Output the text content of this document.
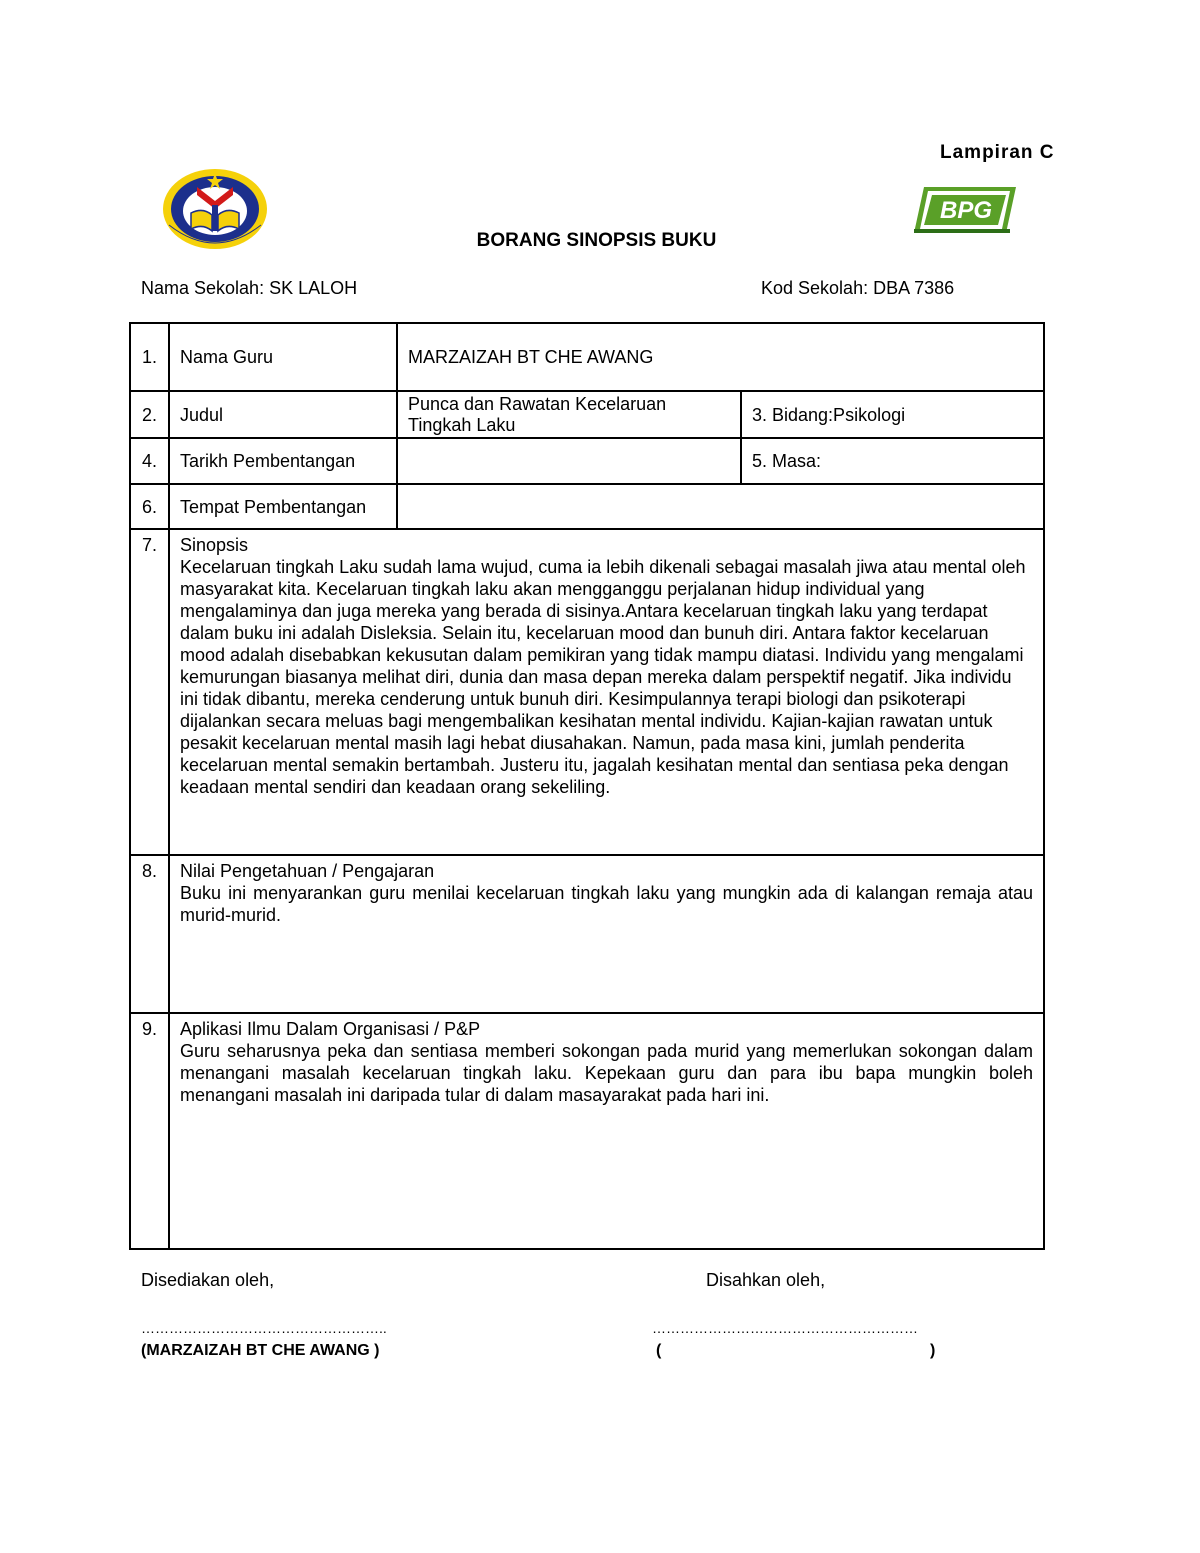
Lampiran C
BPG
BORANG SINOPSIS BUKU
Nama Sekolah: SK LALOH	Kod Sekolah: DBA 7386
1.	Nama Guru	MARZAIZAH BT CHE AWANG	
2.	Judul	Punca dan Rawatan Kecelaruan Tingkah Laku	3. Bidang:Psikologi
4.	Tarikh Pembentangan		5. Masa:
6.	Tempat Pembentangan		
7.	Sinopsis
Kecelaruan tingkah Laku sudah lama wujud, cuma ia lebih dikenali sebagai masalah jiwa atau mental oleh masyarakat kita. Kecelaruan tingkah laku akan mengganggu perjalanan hidup individual yang mengalaminya dan juga mereka yang berada di sisinya.Antara kecelaruan tingkah laku yang terdapat dalam buku ini adalah Disleksia. Selain itu, kecelaruan mood dan bunuh diri. Antara faktor kecelaruan mood adalah disebabkan kekusutan dalam pemikiran yang tidak mampu diatasi. Individu yang mengalami kemurungan biasanya melihat diri, dunia dan masa depan mereka dalam perspektif negatif. Jika individu ini tidak dibantu, mereka cenderung untuk bunuh diri. Kesimpulannya terapi biologi dan psikoterapi dijalankan secara meluas bagi mengembalikan kesihatan mental individu. Kajian-kajian rawatan untuk pesakit kecelaruan mental masih lagi hebat diusahakan. Namun, pada masa kini, jumlah penderita kecelaruan mental semakin bertambah. Justeru itu, jagalah kesihatan mental dan sentiasa peka dengan keadaan mental sendiri dan keadaan orang sekeliling.		

8.	Nilai Pengetahuan / Pengajaran
Buku ini menyarankan guru menilai kecelaruan tingkah laku yang mungkin ada di kalangan remaja atau murid-murid.		

9.	Aplikasi Ilmu Dalam Organisasi / P&P
Guru seharusnya peka dan sentiasa memberi sokongan pada murid yang memerlukan sokongan dalam menangani masalah kecelaruan tingkah laku. Kepekaan guru dan para ibu bapa mungkin boleh menangani masalah ini daripada tular di dalam masayarakat pada hari ini.		
Disediakan oleh,	Disahkan oleh,
……………………………………………..	…………………………………………………
(MARZAIZAH BT CHE AWANG )	(	)
